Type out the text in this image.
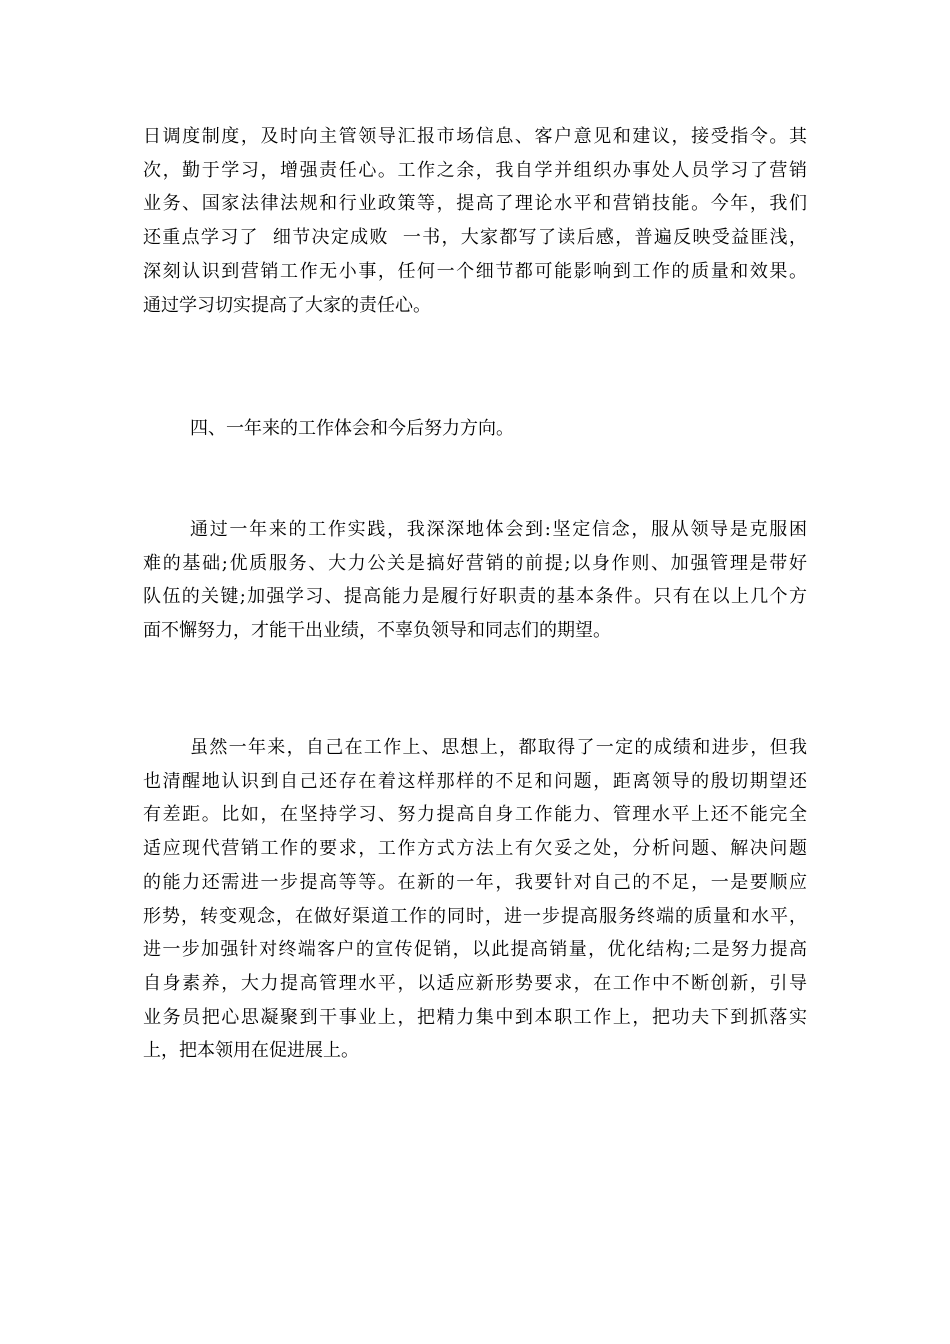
日调度制度，及时向主管领导汇报市场信息、客户意见和建议，接受指令。其
次，勤于学习，增强责任心。工作之余，我自学并组织办事处人员学习了营销
业务、国家法律法规和行业政策等，提高了理论水平和营销技能。今年，我们
还重点学习了  细节决定成败  一书，大家都写了读后感，普遍反映受益匪浅，
深刻认识到营销工作无小事，任何一个细节都可能影响到工作的质量和效果。
通过学习切实提高了大家的责任心。

四、一年来的工作体会和今后努力方向。

通过一年来的工作实践，我深深地体会到:坚定信念，服从领导是克服困
难的基础;优质服务、大力公关是搞好营销的前提;以身作则、加强管理是带好
队伍的关键;加强学习、提高能力是履行好职责的基本条件。只有在以上几个方
面不懈努力，才能干出业绩，不辜负领导和同志们的期望。

虽然一年来，自己在工作上、思想上，都取得了一定的成绩和进步，但我
也清醒地认识到自己还存在着这样那样的不足和问题，距离领导的殷切期望还
有差距。比如，在坚持学习、努力提高自身工作能力、管理水平上还不能完全
适应现代营销工作的要求，工作方式方法上有欠妥之处，分析问题、解决问题
的能力还需进一步提高等等。在新的一年，我要针对自己的不足，一是要顺应
形势，转变观念，在做好渠道工作的同时，进一步提高服务终端的质量和水平，
进一步加强针对终端客户的宣传促销，以此提高销量，优化结构;二是努力提高
自身素养，大力提高管理水平，以适应新形势要求，在工作中不断创新，引导
业务员把心思凝聚到干事业上，把精力集中到本职工作上，把功夫下到抓落实
上，把本领用在促进展上。
